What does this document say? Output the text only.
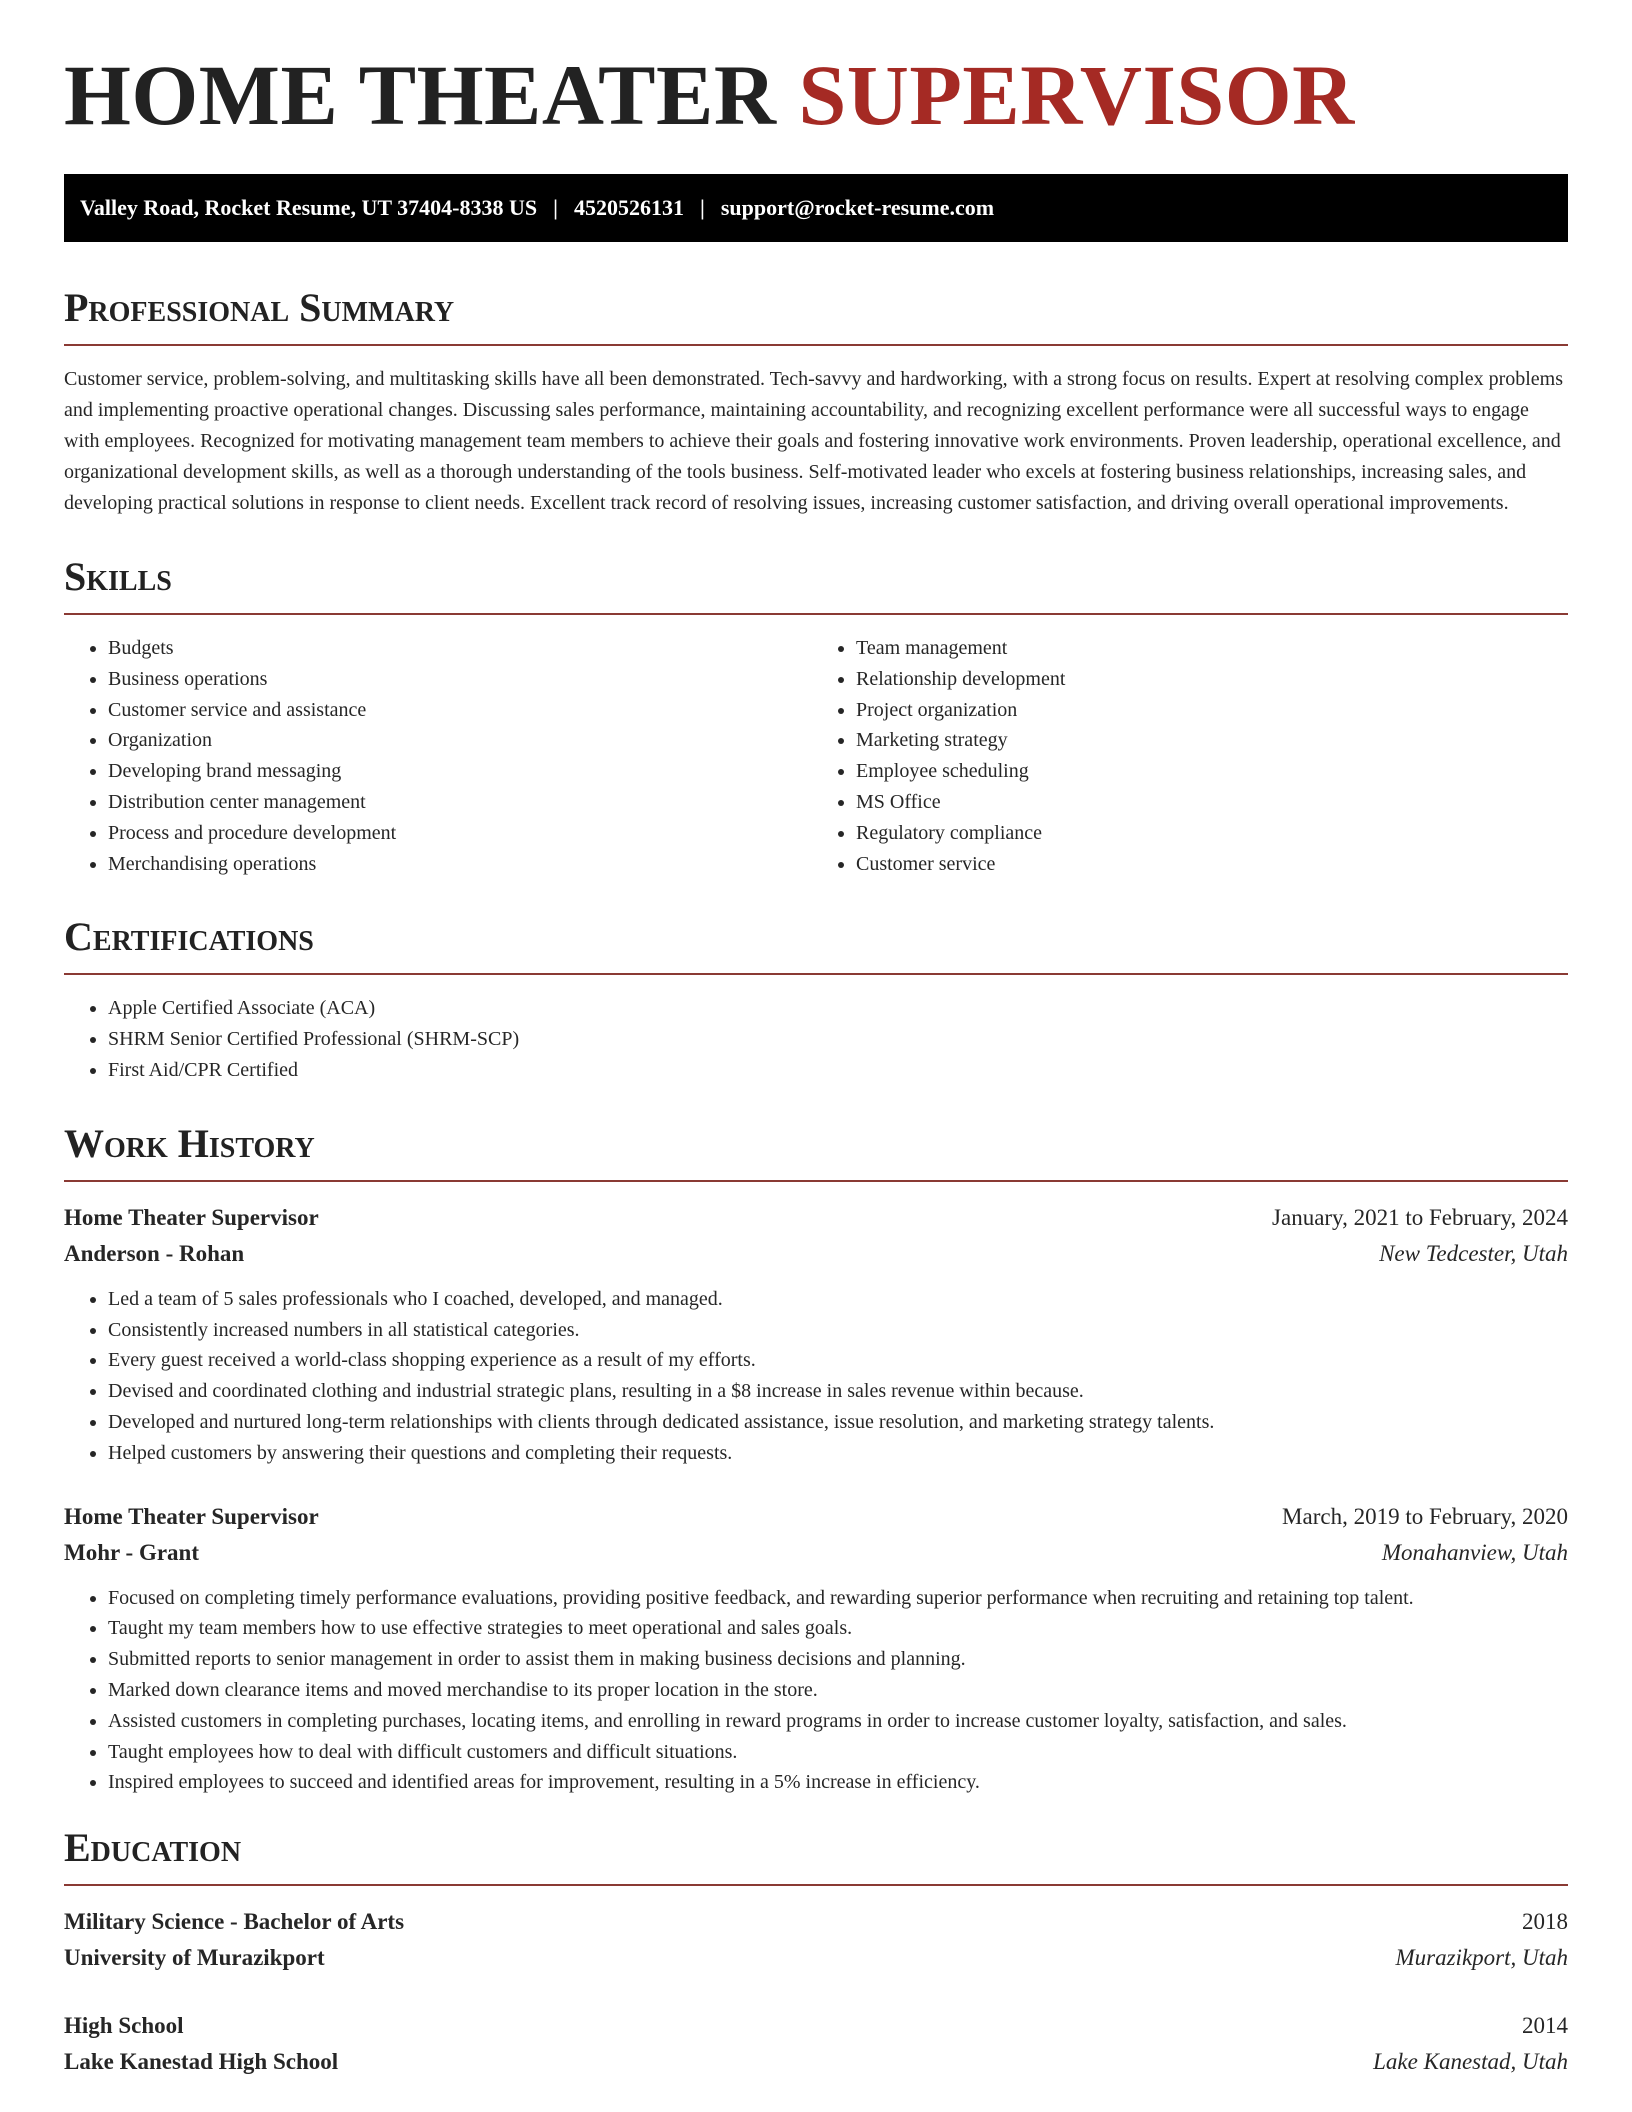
HOME THEATER SUPERVISOR
Valley Road, Rocket Resume, UT 37404-8338 US | 4520526131 | support@rocket-resume.com
Professional Summary

Customer service, problem-solving, and multitasking skills have all been demonstrated. Tech-savvy and hardworking, with a strong focus on results. Expert at resolving complex problems and implementing proactive operational changes. Discussing sales performance, maintaining accountability, and recognizing excellent performance were all successful ways to engage with employees. Recognized for motivating management team members to achieve their goals and fostering innovative work environments. Proven leadership, operational excellence, and organizational development skills, as well as a thorough understanding of the tools business. Self-motivated leader who excels at fostering business relationships, increasing sales, and developing practical solutions in response to client needs. Excellent track record of resolving issues, increasing customer satisfaction, and driving overall operational improvements.

Skills
• Budgets
• Business operations
• Customer service and assistance
• Organization
• Developing brand messaging
• Distribution center management
• Process and procedure development
• Merchandising operations
• Team management
• Relationship development
• Project organization
• Marketing strategy
• Employee scheduling
• MS Office
• Regulatory compliance
• Customer service
Certifications
• Apple Certified Associate (ACA)
• SHRM Senior Certified Professional (SHRM-SCP)
• First Aid/CPR Certified
Work History
Home Theater Supervisor	January, 2021 to February, 2024
Anderson - Rohan	New Tedcester, Utah
• Led a team of 5 sales professionals who I coached, developed, and managed.
• Consistently increased numbers in all statistical categories.
• Every guest received a world-class shopping experience as a result of my efforts.
• Devised and coordinated clothing and industrial strategic plans, resulting in a $8 increase in sales revenue within because.
• Developed and nurtured long-term relationships with clients through dedicated assistance, issue resolution, and marketing strategy talents.
• Helped customers by answering their questions and completing their requests.
Home Theater Supervisor	March, 2019 to February, 2020
Mohr - Grant	Monahanview, Utah
• Focused on completing timely performance evaluations, providing positive feedback, and rewarding superior performance when recruiting and retaining top talent.
• Taught my team members how to use effective strategies to meet operational and sales goals.
• Submitted reports to senior management in order to assist them in making business decisions and planning.
• Marked down clearance items and moved merchandise to its proper location in the store.
• Assisted customers in completing purchases, locating items, and enrolling in reward programs in order to increase customer loyalty, satisfaction, and sales.
• Taught employees how to deal with difficult customers and difficult situations.
• Inspired employees to succeed and identified areas for improvement, resulting in a 5% increase in efficiency.
Education
Military Science - Bachelor of Arts	2018
University of Murazikport	Murazikport, Utah
High School	2014
Lake Kanestad High School	Lake Kanestad, Utah
